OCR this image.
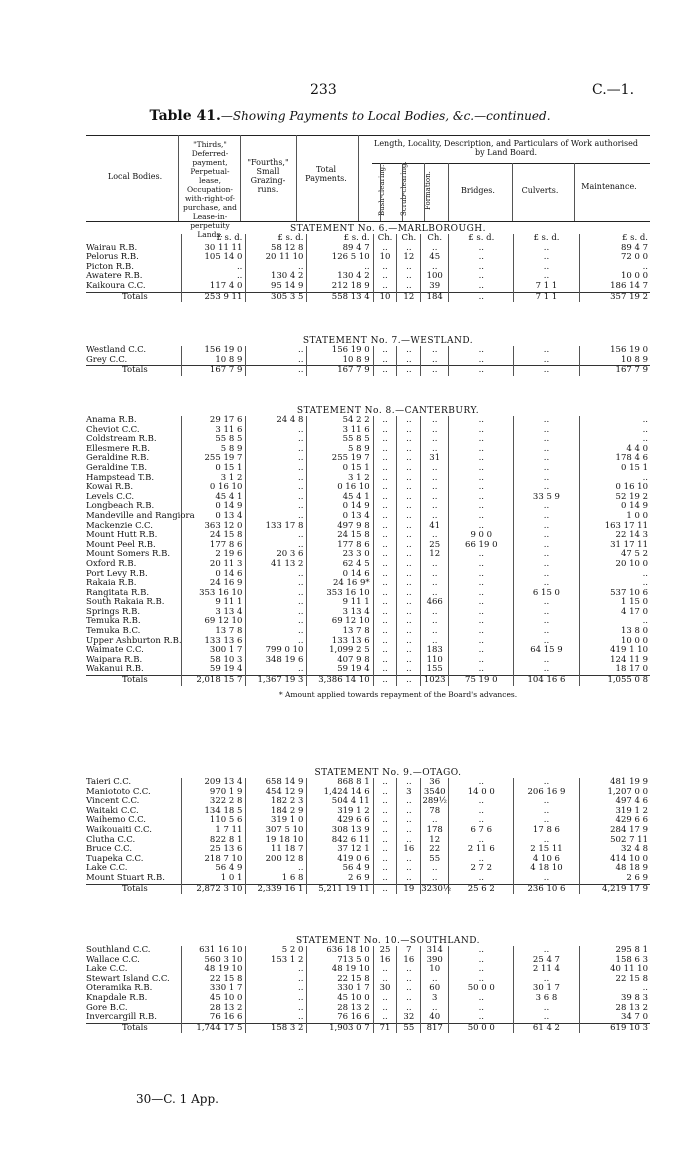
233	C.—1.
Table 41.—Showing Payments to Local Bodies, &c.—continued.
Local Bodies.
"Thirds," Deferred-payment, Perpetual-lease, Occupation-with-right-of-purchase, and Lease-in-perpetuity Lands.
"Fourths," Small Grazing-runs.
Total Payments.
Length, Locality, Description, and Particulars of Work authorised by Land Board.
Bush-clearing. Scrub-clearing. Formation.	Bridges.	Culverts.	Maintenance.
STATEMENT No. 6.—MARLBOROUGH.
	£ s. d.	£ s. d.	£ s. d.	Ch.	Ch.	Ch.	£ s. d.	£ s. d.	£ s. d.
Wairau R.B.	30 11 11	58 12 8	89 4 7	..	..	..	..	..	89 4 7
Pelorus R.B.	105 14 0	20 11 10	126 5 10	10	12	45	..	..	72 0 0
Picton R.B.	..	..	..	..	..	..	..	..	..
Awatere R.B.	..	130 4 2	130 4 2	..	..	100	..	..	10 0 0
Kaikoura C.C.	117 4 0	95 14 9	212 18 9	..	..	39	..	7 1 1	186 14 7
Totals	253 9 11	305 3 5	558 13 4	10	12	184	..	7 1 1	357 19 2
STATEMENT No. 7.—WESTLAND.
Westland C.C.	156 19 0	..	156 19 0	..	..	..	..	..	156 19 0
Grey C.C.	10 8 9	..	10 8 9	..	..	..	..	..	10 8 9
Totals	167 7 9	..	167 7 9	..	..	..	..	..	167 7 9
STATEMENT No. 8.—CANTERBURY.
Anama R.B.	29 17 6	24 4 8	54 2 2	..	..	..	..	..	..
Cheviot C.C.	3 11 6	..	3 11 6	..	..	..	..	..	..
Coldstream R.B.	55 8 5	..	55 8 5	..	..	..	..	..	..
Ellesmere R.B.	5 8 9	..	5 8 9	..	..	..	..	..	4 4 0
Geraldine R.B.	255 19 7	..	255 19 7	..	..	31	..	..	178 4 6
Geraldine T.B.	0 15 1	..	0 15 1	..	..	..	..	..	0 15 1
Hampstead T.B.	3 1 2	..	3 1 2	..	..	..	..	..	..
Kowai R.B.	0 16 10	..	0 16 10	..	..	..	..	..	0 16 10
Levels C.C.	45 4 1	..	45 4 1	..	..	..	..	33 5 9	52 19 2
Longbeach R.B.	0 14 9	..	0 14 9	..	..	..	..	..	0 14 9
Mandeville and Rangiora	0 13 4	..	0 13 4	..	..	..	..	..	1 0 0
Mackenzie C.C.	363 12 0	133 17 8	497 9 8	..	..	41	..	..	163 17 11
Mount Hutt R.B.	24 15 8	..	24 15 8	..	..	..	9 0 0	..	22 14 3
Mount Peel R.B.	177 8 6	..	177 8 6	..	..	25	66 19 0	..	31 17 11
Mount Somers R.B.	2 19 6	20 3 6	23 3 0	..	..	12	..	..	47 5 2
Oxford R.B.	20 11 3	41 13 2	62 4 5	..	..	..	..	..	20 10 0
Port Levy R.B.	0 14 6	..	0 14 6	..	..	..	..	..	..
Rakaia R.B.	24 16 9	..	24 16 9*	..	..	..	..	..	..
Rangitata R.B.	353 16 10	..	353 16 10	..	..	..	..	6 15 0	537 10 6
South Rakaia R.B.	9 11 1	..	9 11 1	..	..	466	..	..	1 15 0
Springs R.B.	3 13 4	..	3 13 4	..	..	..	..	..	4 17 0
Temuka R.B.	69 12 10	..	69 12 10	..	..	..	..	..	..
Temuka B.C.	13 7 8	..	13 7 8	..	..	..	..	..	13 8 0
Upper Ashburton R.B.	133 13 6	..	133 13 6	..	..	..	..	..	10 0 0
Waimate C.C.	300 1 7	799 0 10	1,099 2 5	..	..	183	..	64 15 9	419 1 10
Waipara R.B.	58 10 3	348 19 6	407 9 8	..	..	110	..	..	124 11 9
Wakanui R.B.	59 19 4	..	59 19 4	..	..	155	..	..	18 17 0
Totals	2,018 15 7	1,367 19 3	3,386 14 10	..	..	1023	75 19 0	104 16 6	1,055 0 8
* Amount applied towards repayment of the Board's advances.
STATEMENT No. 9.—OTAGO.
Taieri C.C.	209 13 4	658 14 9	868 8 1	..	..	36	..	..	481 19 9
Maniototo C.C.	970 1 9	454 12 9	1,424 14 6	..	3	3540	14 0 0	206 16 9	1,207 0 0
Vincent C.C.	322 2 8	182 2 3	504 4 11	..	..	289½	..	..	497 4 6
Waitaki C.C.	134 18 5	184 2 9	319 1 2	..	..	78	..	..	319 1 2
Waihemo C.C.	110 5 6	319 1 0	429 6 6	..	..	..	..	..	429 6 6
Waikouaiti C.C.	1 7 11	307 5 10	308 13 9	..	..	178	6 7 6	17 8 6	284 17 9
Clutha C.C.	822 8 1	19 18 10	842 6 11	..	..	12	..	..	502 7 11
Bruce C.C.	25 13 6	11 18 7	37 12 1	..	16	22	2 11 6	2 15 11	32 4 8
Tuapeka C.C.	218 7 10	200 12 8	419 0 6	..	..	55	..	4 10 6	414 10 0
Lake C.C.	56 4 9	..	56 4 9	..	..	..	2 7 2	4 18 10	48 18 9
Mount Stuart R.B.	1 0 1	1 6 8	2 6 9	..	..	..	..	..	2 6 9
Totals	2,872 3 10	2,339 16 1	5,211 19 11	..	19	3230½	25 6 2	236 10 6	4,219 17 9
STATEMENT No. 10.—SOUTHLAND.
Southland C.C.	631 16 10	5 2 0	636 18 10	25	7	314	..	..	295 8 1
Wallace C.C.	560 3 10	153 1 2	713 5 0	16	16	390	..	25 4 7	158 6 3
Lake C.C.	48 19 10	..	48 19 10	..	..	10	..	2 11 4	40 11 10
Stewart Island C.C.	22 15 8	..	22 15 8	..	..	..	..	..	22 15 8
Oteramika R.B.	330 1 7	..	330 1 7	30	..	60	50 0 0	30 1 7	..
Knapdale R.B.	45 10 0	..	45 10 0	..	..	3	..	3 6 8	39 8 3
Gore B.C.	28 13 2	..	28 13 2	..	..	..	..	..	28 13 2
Invercargill R.B.	76 16 6	..	76 16 6	..	32	40	..	..	34 7 0
Totals	1,744 17 5	158 3 2	1,903 0 7	71	55	817	50 0 0	61 4 2	619 10 3
30—C. 1 App.
